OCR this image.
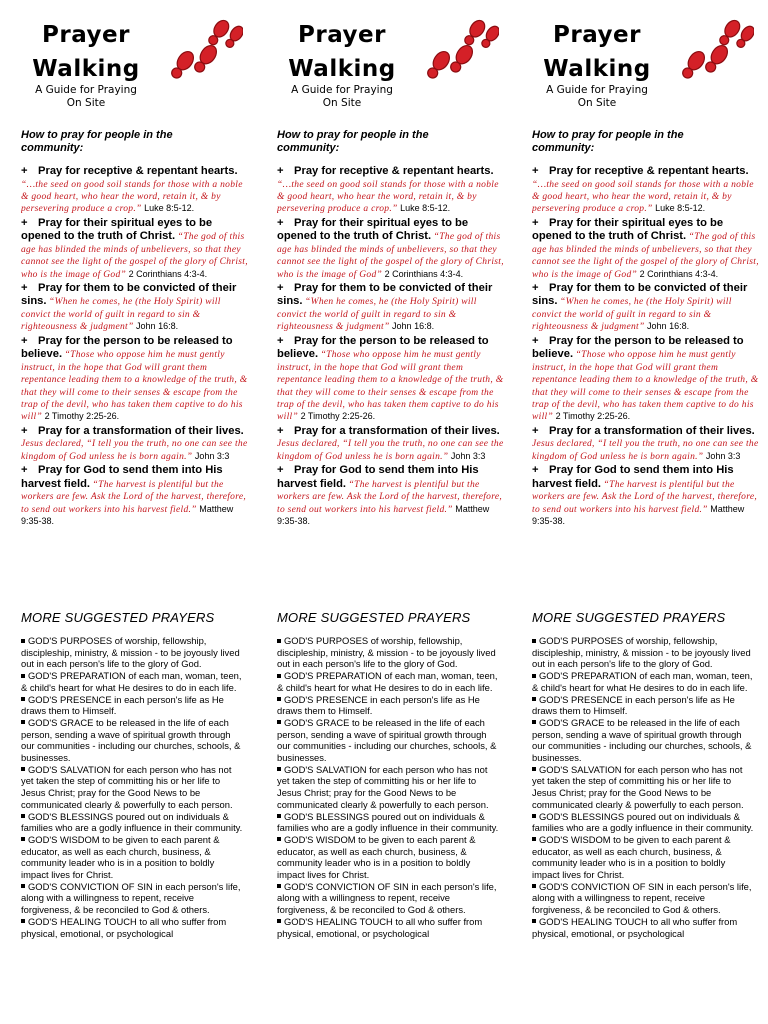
Prayer
Walking
A Guide for Praying
On Site
How to pray for people in the
community:
+ Pray for receptive & repentant hearts. “…the seed on good soil stands for those with a noble & good heart, who hear the word, retain it, & by persevering produce a crop.” Luke 8:5-12.
+ Pray for their spiritual eyes to be opened to the truth of Christ. “The god of this age has blinded the minds of unbelievers, so that they cannot see the light of the gospel of the glory of Christ, who is the image of God” 2 Corinthians 4:3-4.
+ Pray for them to be convicted of their sins. “When he comes, he (the Holy Spirit) will convict the world of guilt in regard to sin & righteousness & judgment” John 16:8.
+ Pray for the person to be released to believe. “Those who oppose him he must gently instruct, in the hope that God will grant them repentance leading them to a knowledge of the truth, & that they will come to their senses & escape from the trap of the devil, who has taken them captive to do his will” 2 Timothy 2:25-26.
+ Pray for a transformation of their lives. Jesus declared, “I tell you the truth, no one can see the kingdom of God unless he is born again.” John 3:3
+ Pray for God to send them into His harvest field. “The harvest is plentiful but the workers are few. Ask the Lord of the harvest, therefore, to send out workers into his harvest field.” Matthew 9:35-38.
MORE SUGGESTED PRAYERS

GOD'S PURPOSES of worship, fellowship, discipleship, ministry, & mission - to be joyously lived out in each person's life to the glory of God.

GOD'S PREPARATION of each man, woman, teen, & child's heart for what He desires to do in each life.

GOD'S PRESENCE in each person's life as He draws them to Himself.

GOD'S GRACE to be released in the life of each person, sending a wave of spiritual growth through our communities - including our churches, schools, & businesses.

GOD'S SALVATION for each person who has not yet taken the step of committing his or her life to Jesus Christ; pray for the Good News to be communicated clearly & powerfully to each person.

GOD'S BLESSINGS poured out on individuals & families who are a godly influence in their community.

GOD'S WISDOM to be given to each parent & educator, as well as each church, business, & community leader who is in a position to boldly impact lives for Christ.

GOD'S CONVICTION OF SIN in each person's life, along with a willingness to repent, receive forgiveness, & be reconciled to God & others.

GOD'S HEALING TOUCH to all who suffer from physical, emotional, or psychological

Prayer
Walking
A Guide for Praying
On Site
How to pray for people in the
community:
+ Pray for receptive & repentant hearts. “…the seed on good soil stands for those with a noble & good heart, who hear the word, retain it, & by persevering produce a crop.” Luke 8:5-12.
+ Pray for their spiritual eyes to be opened to the truth of Christ. “The god of this age has blinded the minds of unbelievers, so that they cannot see the light of the gospel of the glory of Christ, who is the image of God” 2 Corinthians 4:3-4.
+ Pray for them to be convicted of their sins. “When he comes, he (the Holy Spirit) will convict the world of guilt in regard to sin & righteousness & judgment” John 16:8.
+ Pray for the person to be released to believe. “Those who oppose him he must gently instruct, in the hope that God will grant them repentance leading them to a knowledge of the truth, & that they will come to their senses & escape from the trap of the devil, who has taken them captive to do his will” 2 Timothy 2:25-26.
+ Pray for a transformation of their lives. Jesus declared, “I tell you the truth, no one can see the kingdom of God unless he is born again.” John 3:3
+ Pray for God to send them into His harvest field. “The harvest is plentiful but the workers are few. Ask the Lord of the harvest, therefore, to send out workers into his harvest field.” Matthew 9:35-38.
MORE SUGGESTED PRAYERS

GOD'S PURPOSES of worship, fellowship, discipleship, ministry, & mission - to be joyously lived out in each person's life to the glory of God.

GOD'S PREPARATION of each man, woman, teen, & child's heart for what He desires to do in each life.

GOD'S PRESENCE in each person's life as He draws them to Himself.

GOD'S GRACE to be released in the life of each person, sending a wave of spiritual growth through our communities - including our churches, schools, & businesses.

GOD'S SALVATION for each person who has not yet taken the step of committing his or her life to Jesus Christ; pray for the Good News to be communicated clearly & powerfully to each person.

GOD'S BLESSINGS poured out on individuals & families who are a godly influence in their community.

GOD'S WISDOM to be given to each parent & educator, as well as each church, business, & community leader who is in a position to boldly impact lives for Christ.

GOD'S CONVICTION OF SIN in each person's life, along with a willingness to repent, receive forgiveness, & be reconciled to God & others.

GOD'S HEALING TOUCH to all who suffer from physical, emotional, or psychological

Prayer
Walking
A Guide for Praying
On Site
How to pray for people in the
community:
+ Pray for receptive & repentant hearts. “…the seed on good soil stands for those with a noble & good heart, who hear the word, retain it, & by persevering produce a crop.” Luke 8:5-12.
+ Pray for their spiritual eyes to be opened to the truth of Christ. “The god of this age has blinded the minds of unbelievers, so that they cannot see the light of the gospel of the glory of Christ, who is the image of God” 2 Corinthians 4:3-4.
+ Pray for them to be convicted of their sins. “When he comes, he (the Holy Spirit) will convict the world of guilt in regard to sin & righteousness & judgment” John 16:8.
+ Pray for the person to be released to believe. “Those who oppose him he must gently instruct, in the hope that God will grant them repentance leading them to a knowledge of the truth, & that they will come to their senses & escape from the trap of the devil, who has taken them captive to do his will” 2 Timothy 2:25-26.
+ Pray for a transformation of their lives. Jesus declared, “I tell you the truth, no one can see the kingdom of God unless he is born again.” John 3:3
+ Pray for God to send them into His harvest field. “The harvest is plentiful but the workers are few. Ask the Lord of the harvest, therefore, to send out workers into his harvest field.” Matthew 9:35-38.
MORE SUGGESTED PRAYERS

GOD'S PURPOSES of worship, fellowship, discipleship, ministry, & mission - to be joyously lived out in each person's life to the glory of God.

GOD'S PREPARATION of each man, woman, teen, & child's heart for what He desires to do in each life.

GOD'S PRESENCE in each person's life as He draws them to Himself.

GOD'S GRACE to be released in the life of each person, sending a wave of spiritual growth through our communities - including our churches, schools, & businesses.

GOD'S SALVATION for each person who has not yet taken the step of committing his or her life to Jesus Christ; pray for the Good News to be communicated clearly & powerfully to each person.

GOD'S BLESSINGS poured out on individuals & families who are a godly influence in their community.

GOD'S WISDOM to be given to each parent & educator, as well as each church, business, & community leader who is in a position to boldly impact lives for Christ.

GOD'S CONVICTION OF SIN in each person's life, along with a willingness to repent, receive forgiveness, & be reconciled to God & others.

GOD'S HEALING TOUCH to all who suffer from physical, emotional, or psychological
